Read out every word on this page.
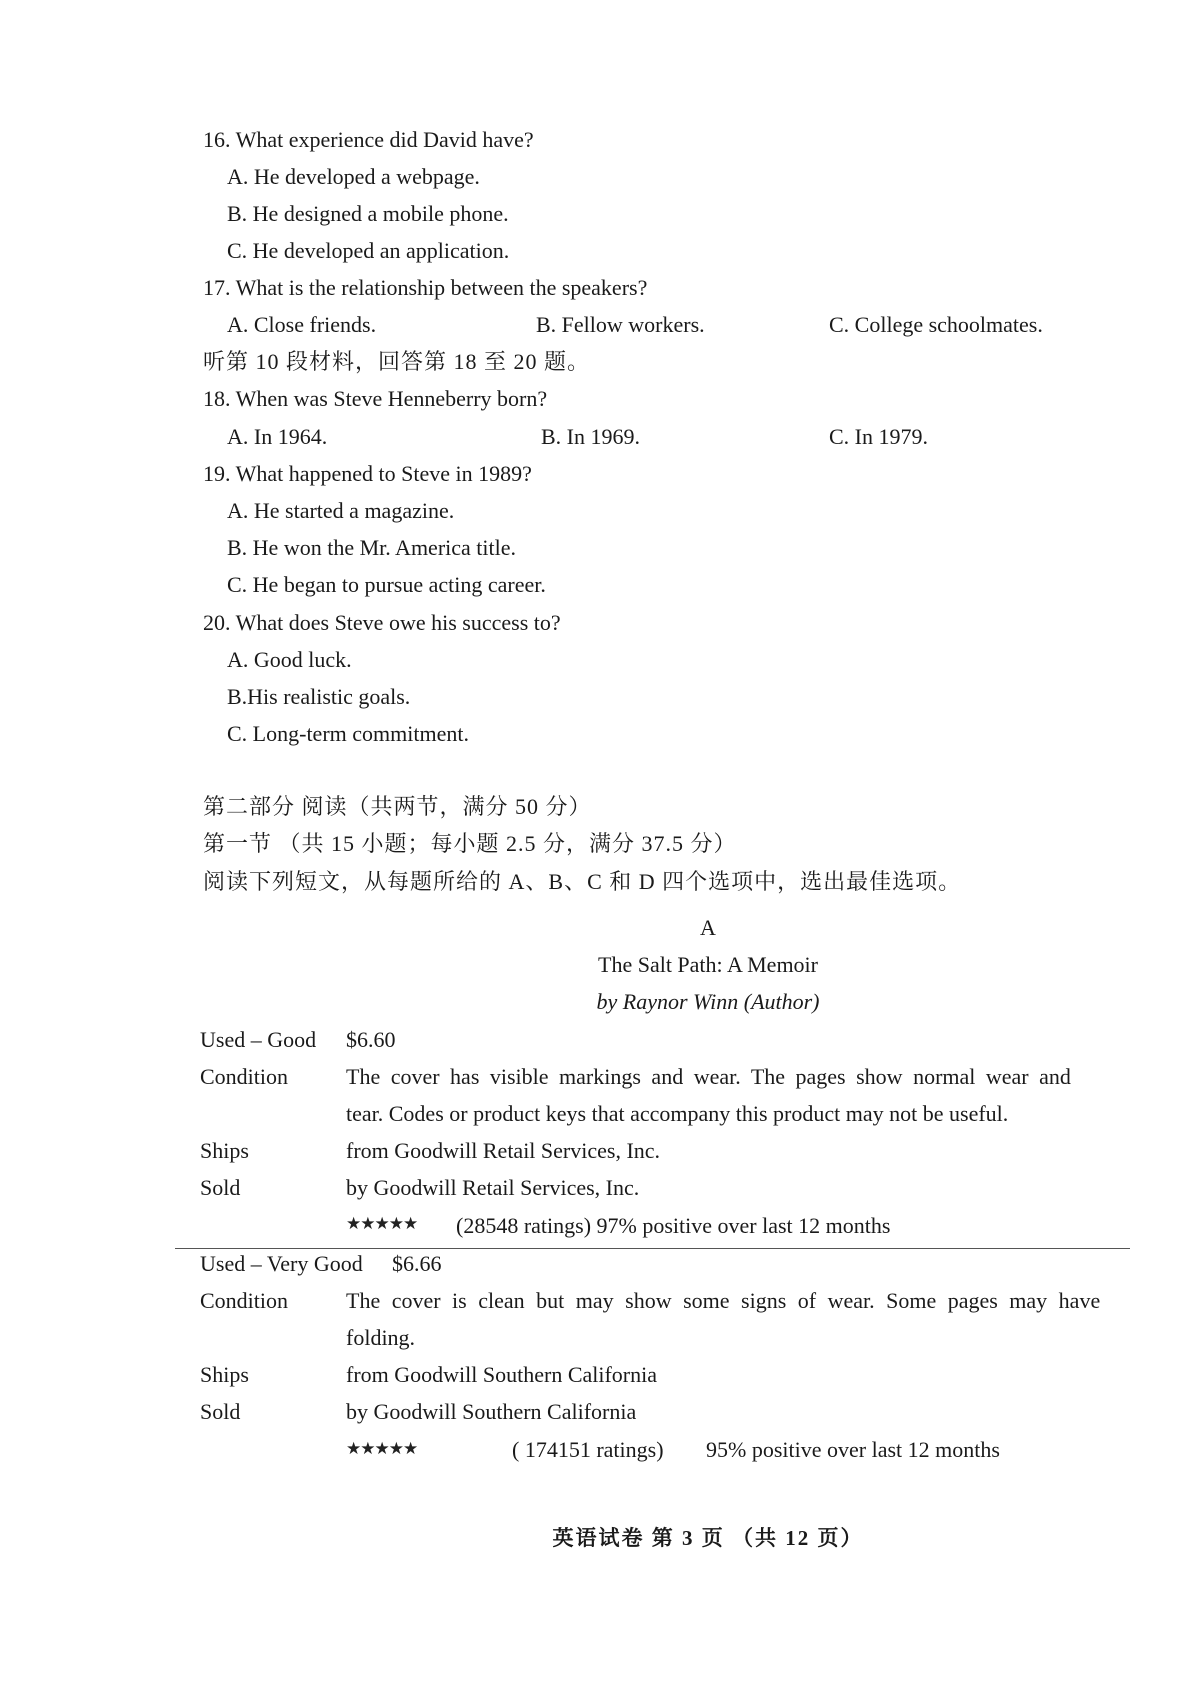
16. What experience did David have?
A. He developed a webpage.
B. He designed a mobile phone.
C. He developed an application.
17. What is the relationship between the speakers?
A. Close friends.	B. Fellow workers.	C. College schoolmates.
听第 10 段材料，回答第 18 至 20 题。
18. When was Steve Henneberry born?
A. In 1964.	B. In 1969.	C. In 1979.
19. What happened to Steve in 1989?
A. He started a magazine.
B. He won the Mr. America title.
C. He began to pursue acting career.
20. What does Steve owe his success to?
A. Good luck.
B.His realistic goals.
C. Long-term commitment.
第二部分 阅读（共两节，满分 50 分）
第一节 （共 15 小题；每小题 2.5 分，满分 37.5 分）
阅读下列短文，从每题所给的 A、B、C 和 D 四个选项中，选出最佳选项。
A
The Salt Path: A Memoir
by Raynor Winn (Author)
Used – Good $6.60
Condition	The cover has visible markings and wear. The pages show normal wear and
tear. Codes or product keys that accompany this product may not be useful.
Ships	from Goodwill Retail Services, Inc.
Sold	by Goodwill Retail Services, Inc.
★★★★★ (28548 ratings) 97% positive over last 12 months
Used – Very Good $6.66
Condition	The cover is clean but may show some signs of wear. Some pages may have
folding.
Ships	from Goodwill Southern California
Sold	by Goodwill Southern California
★★★★★	( 174151 ratings) 95% positive over last 12 months
英语试卷 第 3 页 （共 12 页）
